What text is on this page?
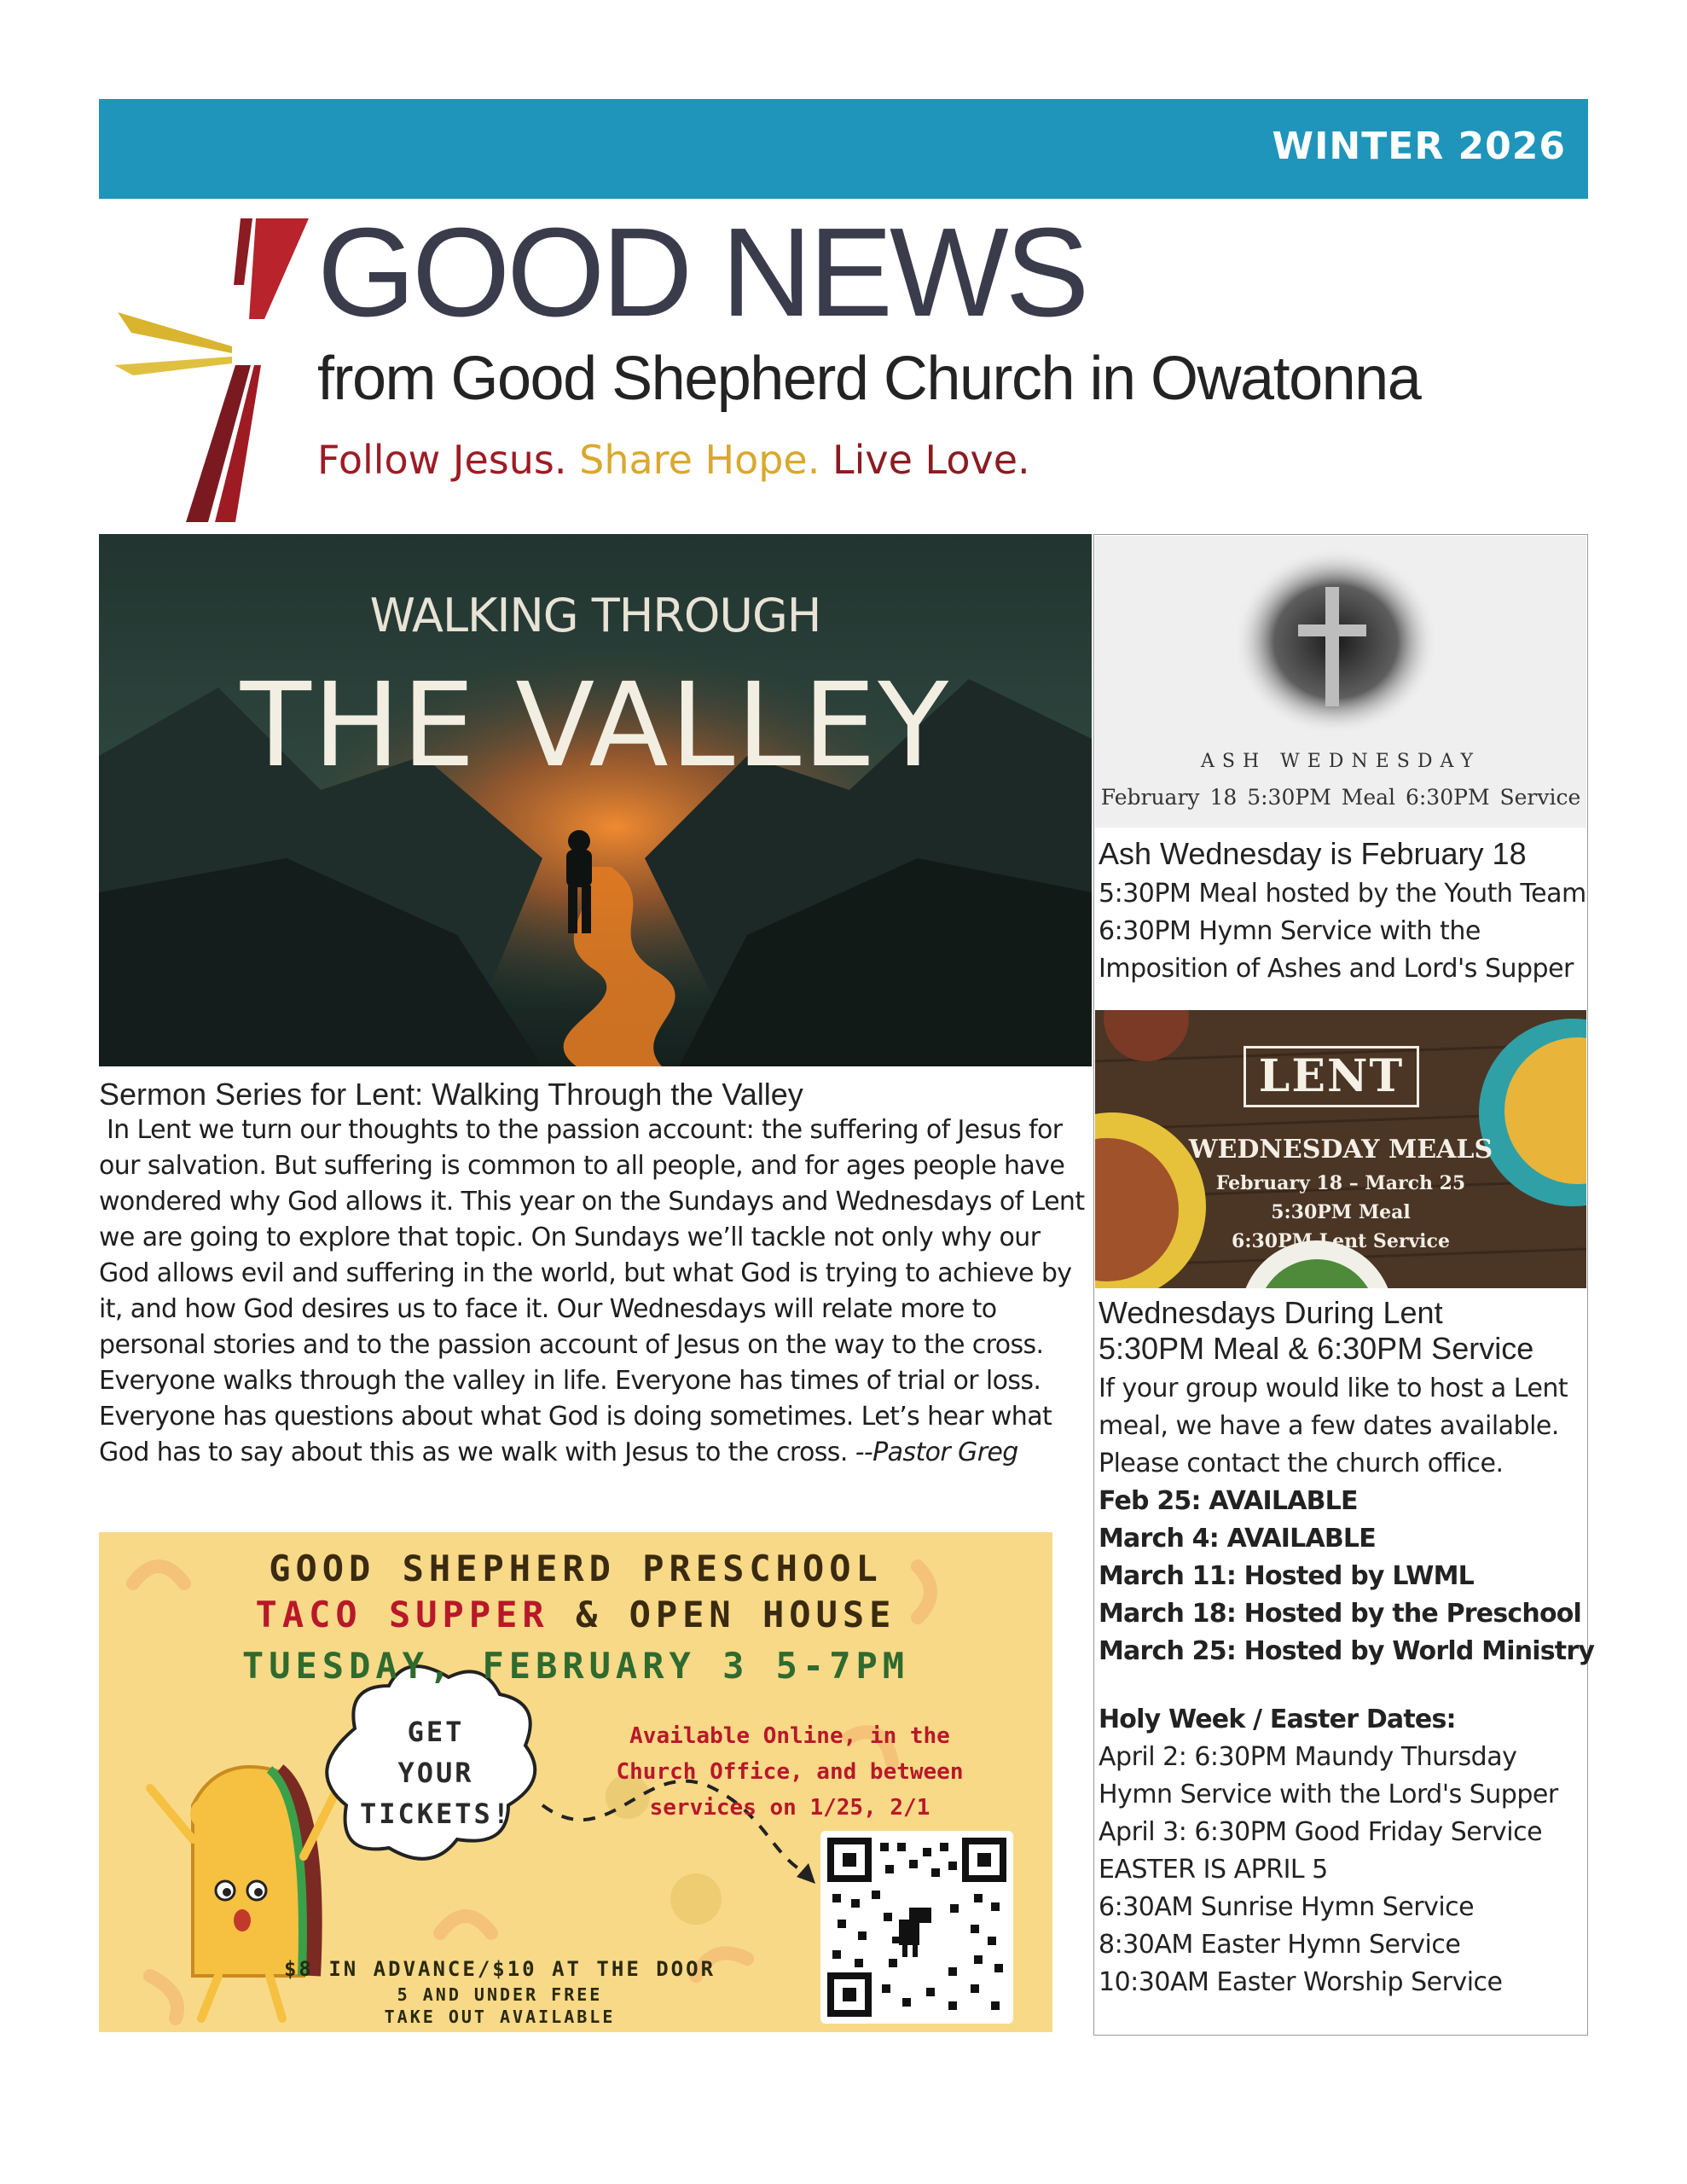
WINTER 2026
GOOD NEWS
from Good Shepherd Church in Owatonna
Follow Jesus. Share Hope. Live Love.
WALKING THROUGH
THE VALLEY
Sermon Series for Lent: Walking Through the Valley

In Lent we turn our thoughts to the passion account: the suffering of Jesus for our salvation. But suffering is common to all people, and for ages people have wondered why God allows it. This year on the Sundays and Wednesdays of Lent we are going to explore that topic. On Sundays we’ll tackle not only why our God allows evil and suffering in the world, but what God is trying to achieve by it, and how God desires us to face it. Our Wednesdays will relate more to personal stories and to the passion account of Jesus on the way to the cross.

Everyone walks through the valley in life. Everyone has times of trial or loss. Everyone has questions about what God is doing sometimes. Let’s hear what God has to say about this as we walk with Jesus to the cross. --Pastor Greg

GOOD SHEPHERD PRESCHOOL
TACO SUPPER & OPEN HOUSE
TUESDAY, FEBRUARY 3 5-7PM
GET
YOUR
TICKETS!
Available Online, in the
Church Office, and between
services on 1/25, 2/1
$8 IN ADVANCE/$10 AT THE DOOR
5 AND UNDER FREE
TAKE OUT AVAILABLE
ASH WEDNESDAY
February 18 5:30PM Meal 6:30PM Service
Ash Wednesday is February 18
5:30PM Meal hosted by the Youth Team
6:30PM Hymn Service with the
Imposition of Ashes and Lord's Supper
LENT
WEDNESDAY MEALS
February 18 – March 25
5:30PM Meal
6:30PM Lent Service
Wednesdays During Lent
5:30PM Meal & 6:30PM Service
If your group would like to host a Lent
meal, we have a few dates available.
Please contact the church office.
Feb 25: AVAILABLE
March 4: AVAILABLE
March 11: Hosted by LWML
March 18: Hosted by the Preschool
March 25: Hosted by World Ministry
Holy Week / Easter Dates:
April 2: 6:30PM Maundy Thursday
Hymn Service with the Lord's Supper
April 3: 6:30PM Good Friday Service
EASTER IS APRIL 5
6:30AM Sunrise Hymn Service
8:30AM Easter Hymn Service
10:30AM Easter Worship Service
